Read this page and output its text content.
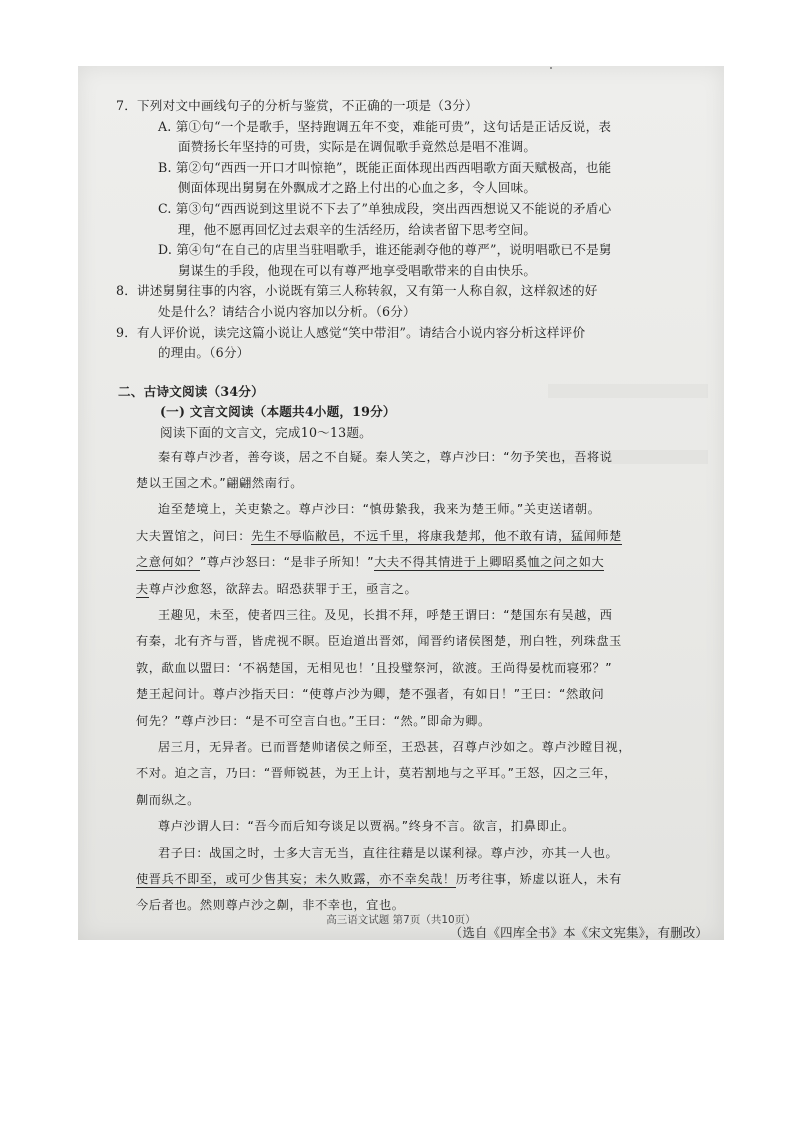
7．下列对文中画线句子的分析与鉴赏，不正确的一项是（3分）
A. 第①句“一个是歌手，坚持跑调五年不变，难能可贵”，这句话是正话反说，表
面赞扬长年坚持的可贵，实际是在调侃歌手竟然总是唱不准调。
B. 第②句“西西一开口才叫惊艳”，既能正面体现出西西唱歌方面天赋极高，也能
侧面体现出舅舅在外飘成才之路上付出的心血之多，令人回味。
C. 第③句“西西说到这里说不下去了”单独成段，突出西西想说又不能说的矛盾心
理，他不愿再回忆过去艰辛的生活经历，给读者留下思考空间。
D. 第④句“在自己的店里当驻唱歌手，谁还能剥夺他的尊严”，说明唱歌已不是舅
舅谋生的手段，他现在可以有尊严地享受唱歌带来的自由快乐。
8．讲述舅舅往事的内容，小说既有第三人称转叙，又有第一人称自叙，这样叙述的好
处是什么？请结合小说内容加以分析。（6分）
9．有人评价说，读完这篇小说让人感觉“笑中带泪”。请结合小说内容分析这样评价
的理由。（6分）
二、古诗文阅读（34分）
(一) 文言文阅读（本题共4小题，19分）
阅读下面的文言文，完成10～13题。
秦有尊卢沙者，善夸谈，居之不自疑。秦人笑之，尊卢沙曰：“勿予笑也，吾将说
楚以王国之术。”翩翩然南行。
迨至楚境上，关吏絷之。尊卢沙曰：“慎毋絷我，我来为楚王师。”关吏送诸朝。
大夫置馆之，问曰：先生不辱临敝邑，不远千里，将康我楚邦，他不敢有请，猛闻师楚
之意何如？”尊卢沙怒曰：“是非子所知！”大夫不得其情进于上卿昭奚恤之问之如大
夫尊卢沙愈怒，欲辞去。昭恐获罪于王，亟言之。
王趣见，未至，使者四三往。及见，长揖不拜，呼楚王谓曰：“楚国东有吴越，西
有秦，北有齐与晋，皆虎视不瞑。臣迨道出晋郊，闻晋约诸侯图楚，刑白牲，列珠盘玉
敦，歃血以盟曰：‘不祸楚国，无相见也！’且投璧祭河，欲渡。王尚得晏枕而寝邪？”
楚王起问计。尊卢沙指天曰：“使尊卢沙为卿，楚不强者，有如日！”王曰：“然敢问
何先？”尊卢沙曰：“是不可空言白也。”王曰：“然。”即命为卿。
居三月，无异者。已而晋楚帅诸侯之师至，王恐甚，召尊卢沙如之。尊卢沙瞠目视，
不对。迫之言，乃曰：“晋师锐甚，为王上计，莫若割地与之平耳。”王怒，囚之三年，
劓而纵之。
尊卢沙谓人曰：“吾今而后知夸谈足以贾祸。”终身不言。欲言，扪鼻即止。
君子曰：战国之时，士多大言无当，直往往藉是以谋利禄。尊卢沙，亦其一人也。
使晋兵不即至，或可少售其妄；未久败露，亦不幸矣哉！历考往事，矫虚以诳人，未有
今后者也。然则尊卢沙之劓，非不幸也，宜也。
（选自《四库全书》本《宋文宪集》，有删改）
高三语文试题 第7页（共10页）
